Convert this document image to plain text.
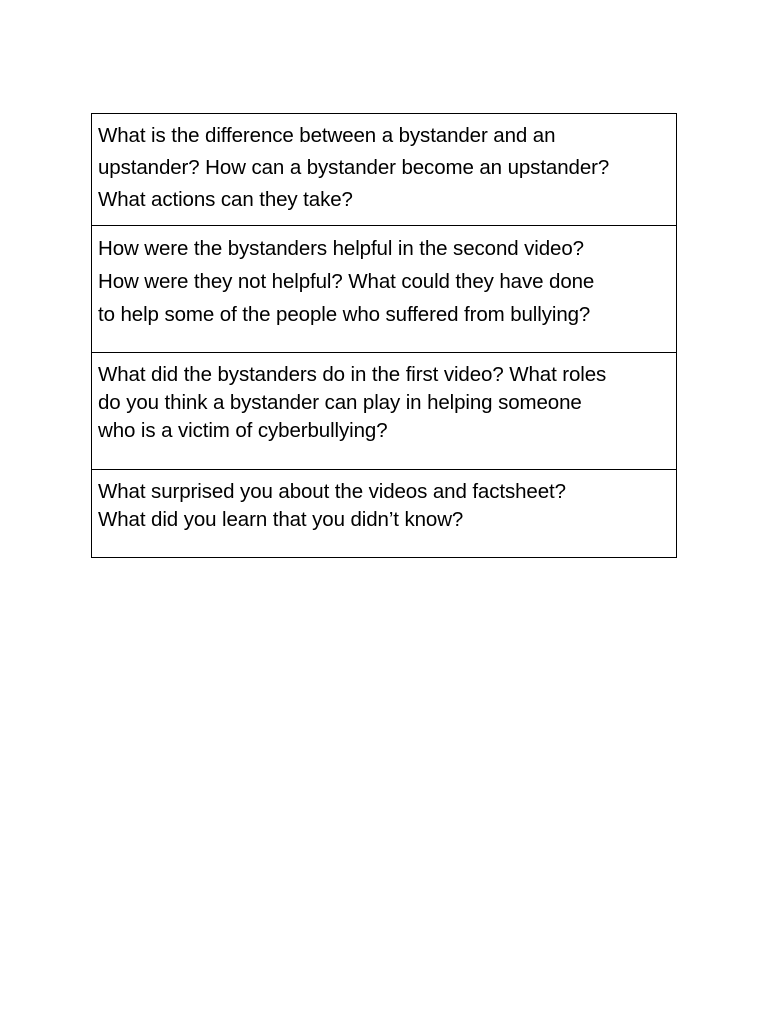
What is the difference between a bystander and an
upstander? How can a bystander become an upstander?
What actions can they take?
How were the bystanders helpful in the second video?
How were they not helpful? What could they have done
to help some of the people who suffered from bullying?
What did the bystanders do in the first video? What roles
do you think a bystander can play in helping someone
who is a victim of cyberbullying?
What surprised you about the videos and factsheet?
What did you learn that you didn’t know?
